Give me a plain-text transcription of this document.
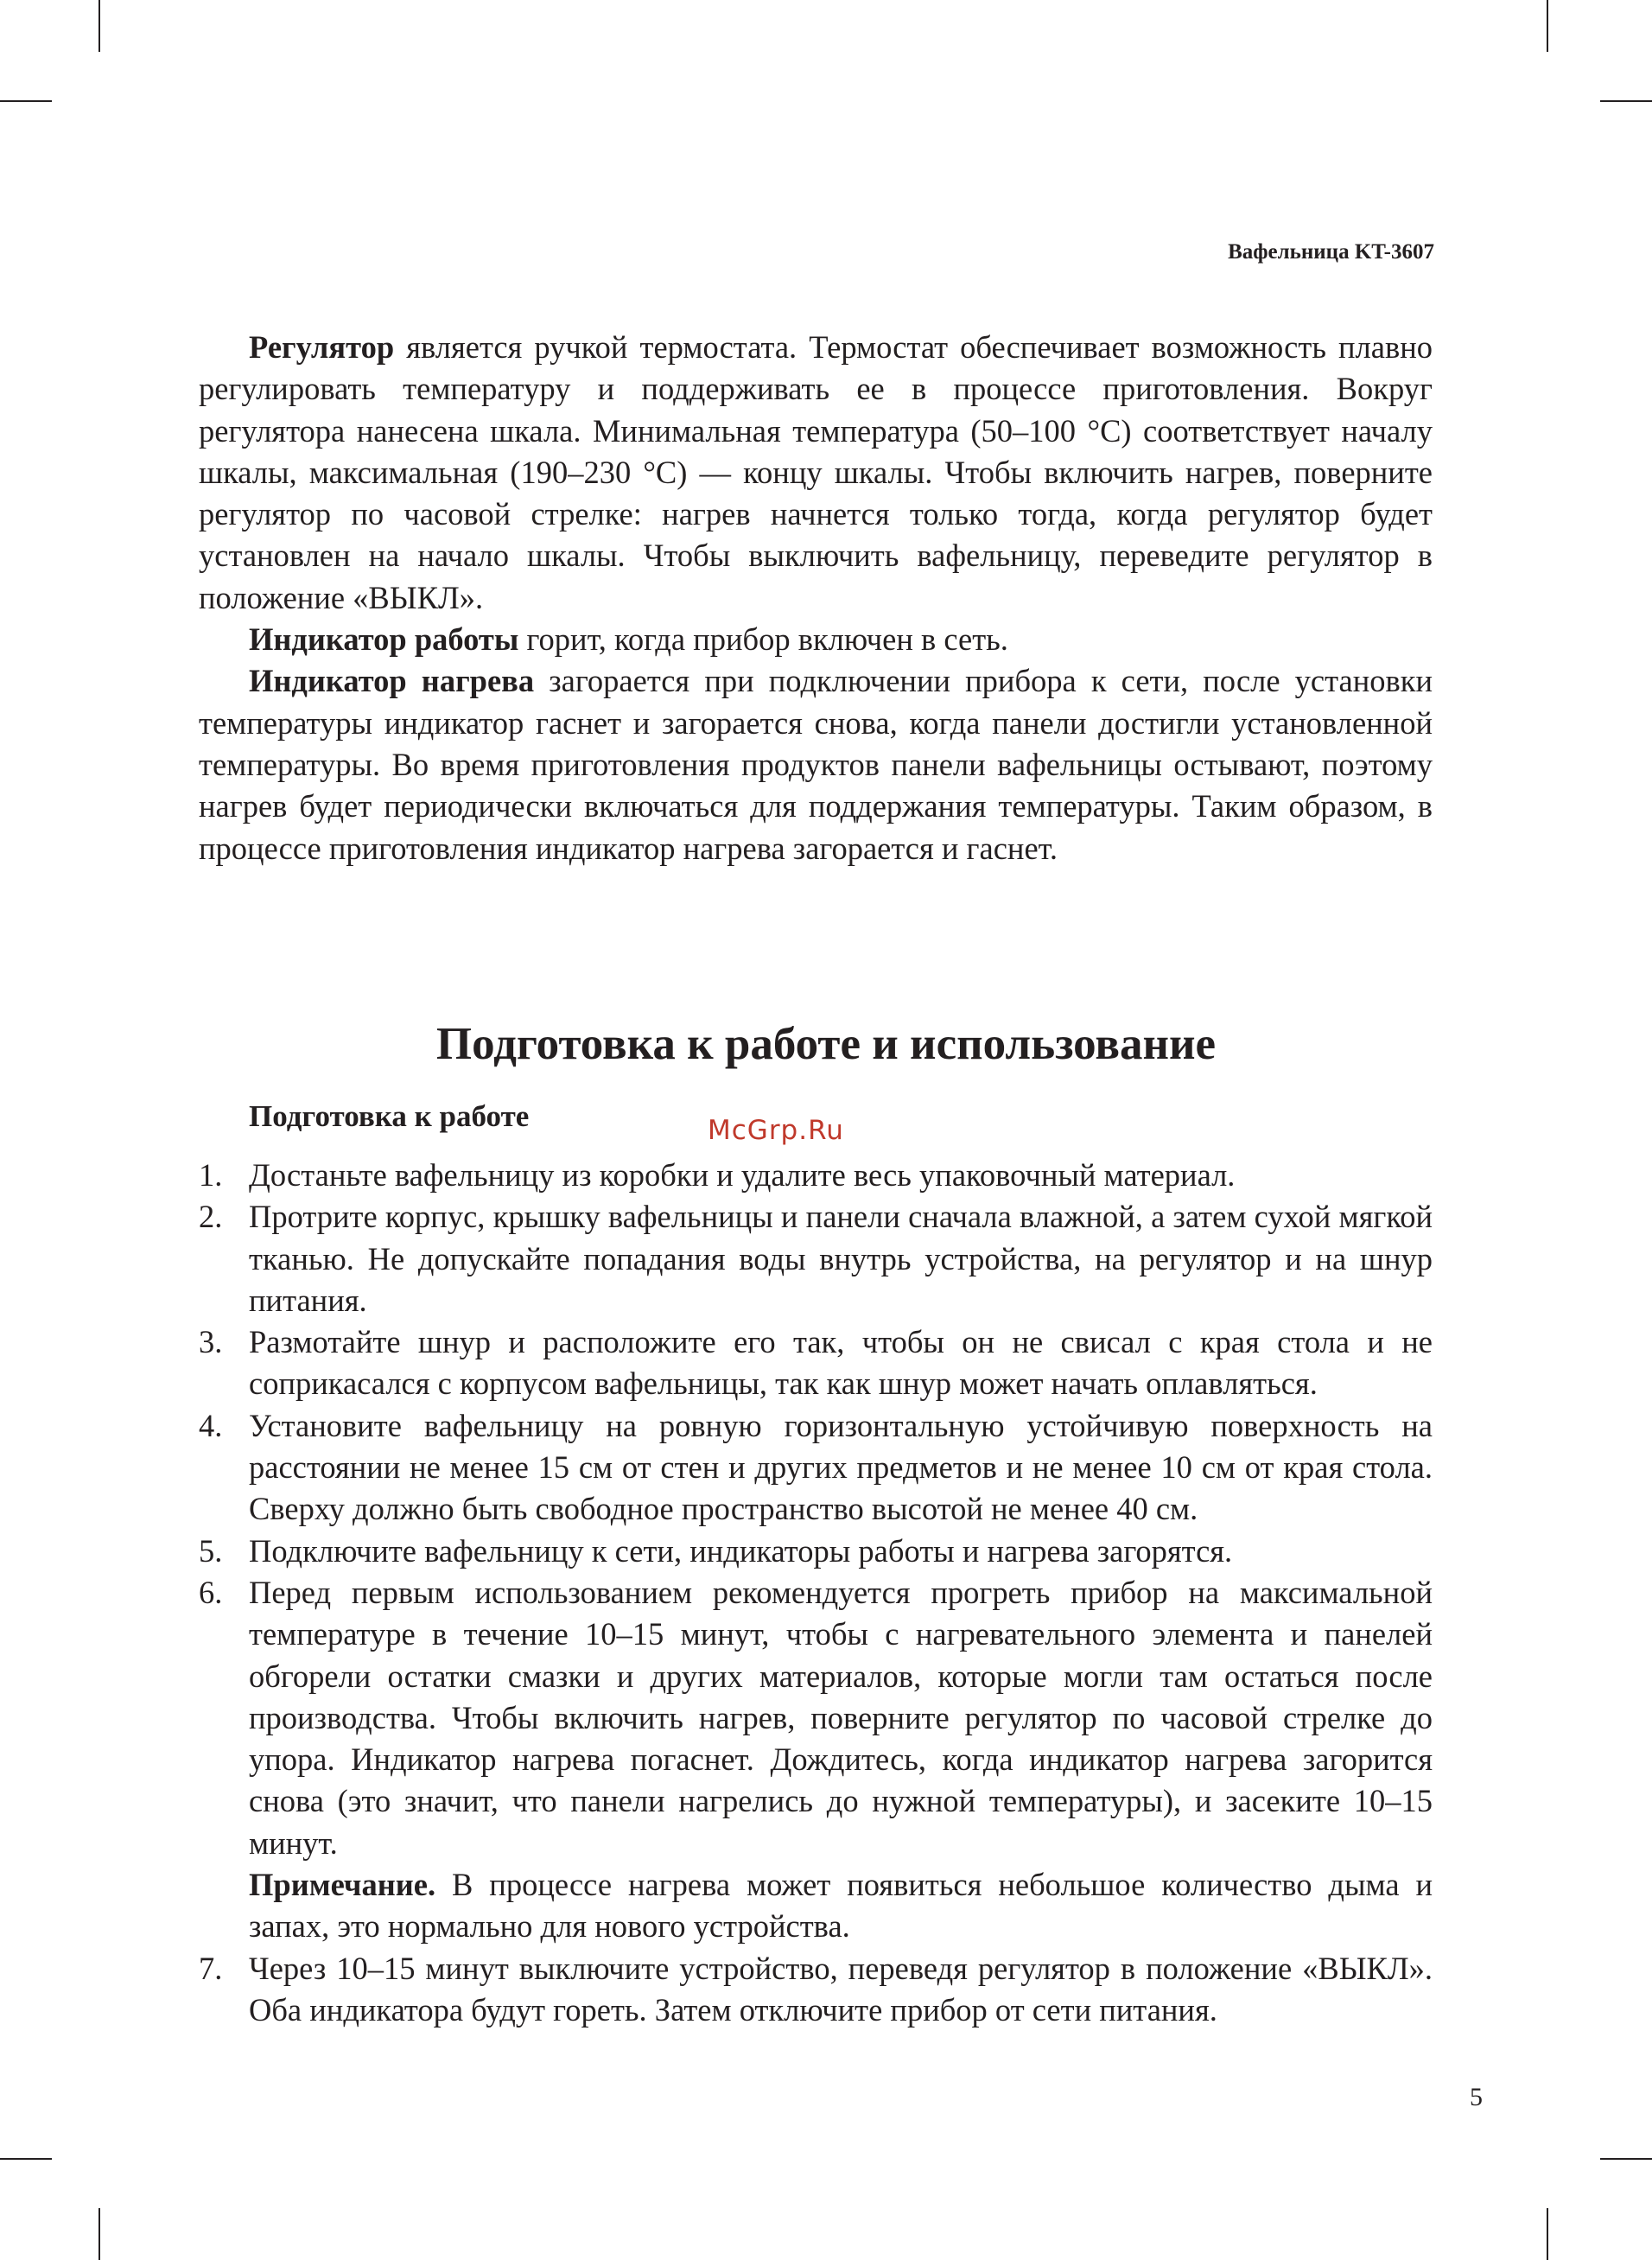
Вафельница KT-3607

Регулятор является ручкой термостата. Термостат обеспечивает возможность плавно регулировать температуру и поддерживать ее в процессе приготовления. Вокруг регулятора нанесена шкала. Минимальная температура (50–100 °C) соответствует началу шкалы, максимальная (190–230 °C) — концу шкалы. Чтобы включить нагрев, поверните регулятор по часовой стрелке: нагрев начнется только тогда, когда регулятор будет установлен на начало шкалы. Чтобы выключить вафельницу, переведите регулятор в положение «ВЫКЛ».

Индикатор работы горит, когда прибор включен в сеть.

Индикатор нагрева загорается при подключении прибора к сети, после установки температуры индикатор гаснет и загорается снова, когда панели достигли установленной температуры. Во время приготовления продуктов панели вафельницы остывают, поэтому нагрев будет периодически включаться для поддержания температуры. Таким образом, в процессе приготовления индикатор нагрева загорается и гаснет.

Подготовка к работе и использование
Подготовка к работе	McGrp.Ru
1. Достаньте вафельницу из коробки и удалите весь упаковочный материал.

2. Протрите корпус, крышку вафельницы и панели сначала влажной, а затем сухой мягкой тканью. Не допускайте попадания воды внутрь устройства, на регулятор и на шнур питания.

3. Размотайте шнур и расположите его так, чтобы он не свисал с края стола и не соприкасался с корпусом вафельницы, так как шнур может начать оплавляться.

4. Установите вафельницу на ровную горизонтальную устойчивую поверхность на расстоянии не менее 15 см от стен и других предметов и не менее 10 см от края стола. Сверху должно быть свободное пространство высотой не менее 40 см.

5. Подключите вафельницу к сети, индикаторы работы и нагрева загорятся.

6. Перед первым использованием рекомендуется прогреть прибор на максимальной температуре в течение 10–15 минут, чтобы с нагревательного элемента и панелей обгорели остатки смазки и других материалов, которые могли там остаться после производства. Чтобы включить нагрев, поверните регулятор по часовой стрелке до упора. Индикатор нагрева погаснет. Дождитесь, когда индикатор нагрева загорится снова (это значит, что панели нагрелись до нужной температуры), и засеките 10–15 минут.

Примечание. В процессе нагрева может появиться небольшое количество дыма и запах, это нормально для нового устройства.

7. Через 10–15 минут выключите устройство, переведя регулятор в положение «ВЫКЛ». Оба индикатора будут гореть. Затем отключите прибор от сети питания.

5
